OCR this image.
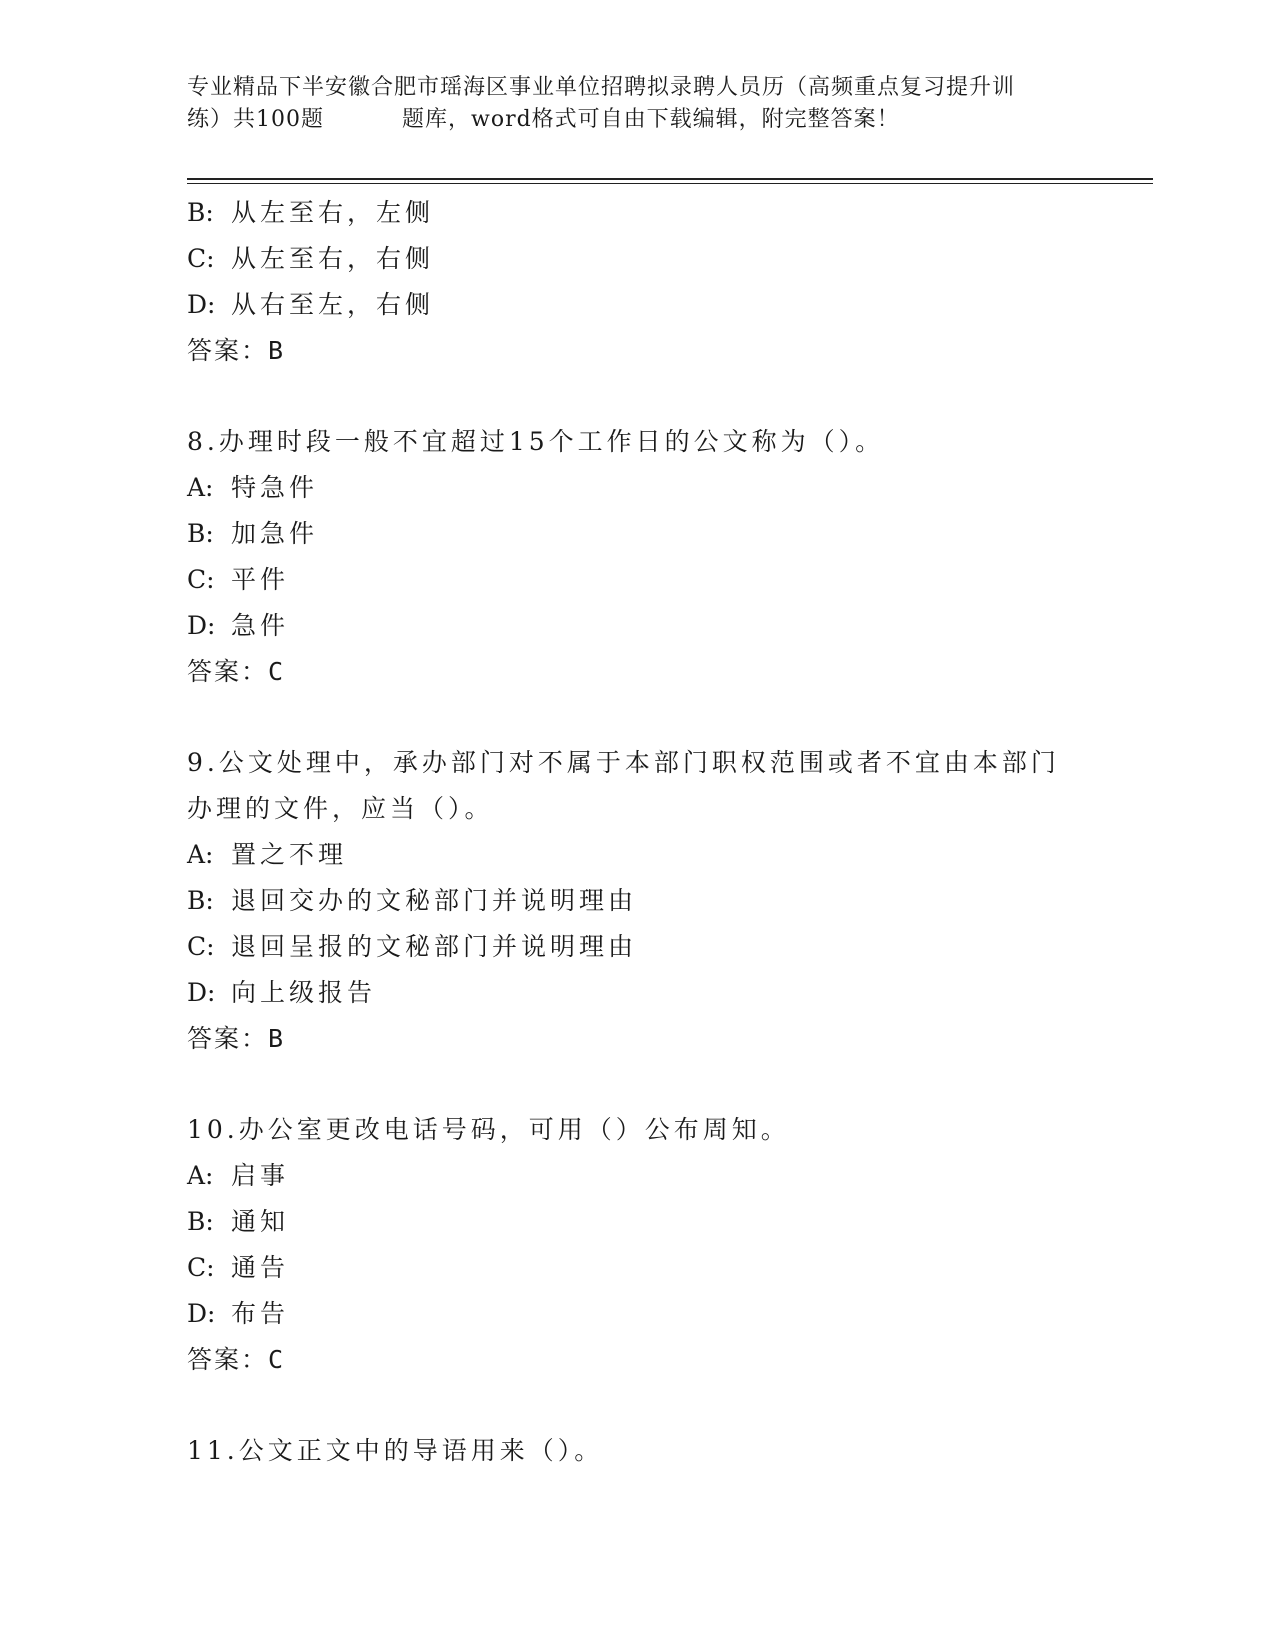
专业精品下半安徽合肥市瑶海区事业单位招聘拟录聘人员历（高频重点复习提升训
练）共100题	题库，word格式可自由下载编辑，附完整答案！
B: 从左至右，左侧
C: 从左至右，右侧
D: 从右至左，右侧
答案：B
8.办理时段一般不宜超过15个工作日的公文称为（）。
A: 特急件
B: 加急件
C: 平件
D: 急件
答案：C
9.公文处理中，承办部门对不属于本部门职权范围或者不宜由本部门
办理的文件，应当（）。
A: 置之不理
B: 退回交办的文秘部门并说明理由
C: 退回呈报的文秘部门并说明理由
D: 向上级报告
答案：B
10.办公室更改电话号码，可用（）公布周知。
A: 启事
B: 通知
C: 通告
D: 布告
答案：C
11.公文正文中的导语用来（）。
